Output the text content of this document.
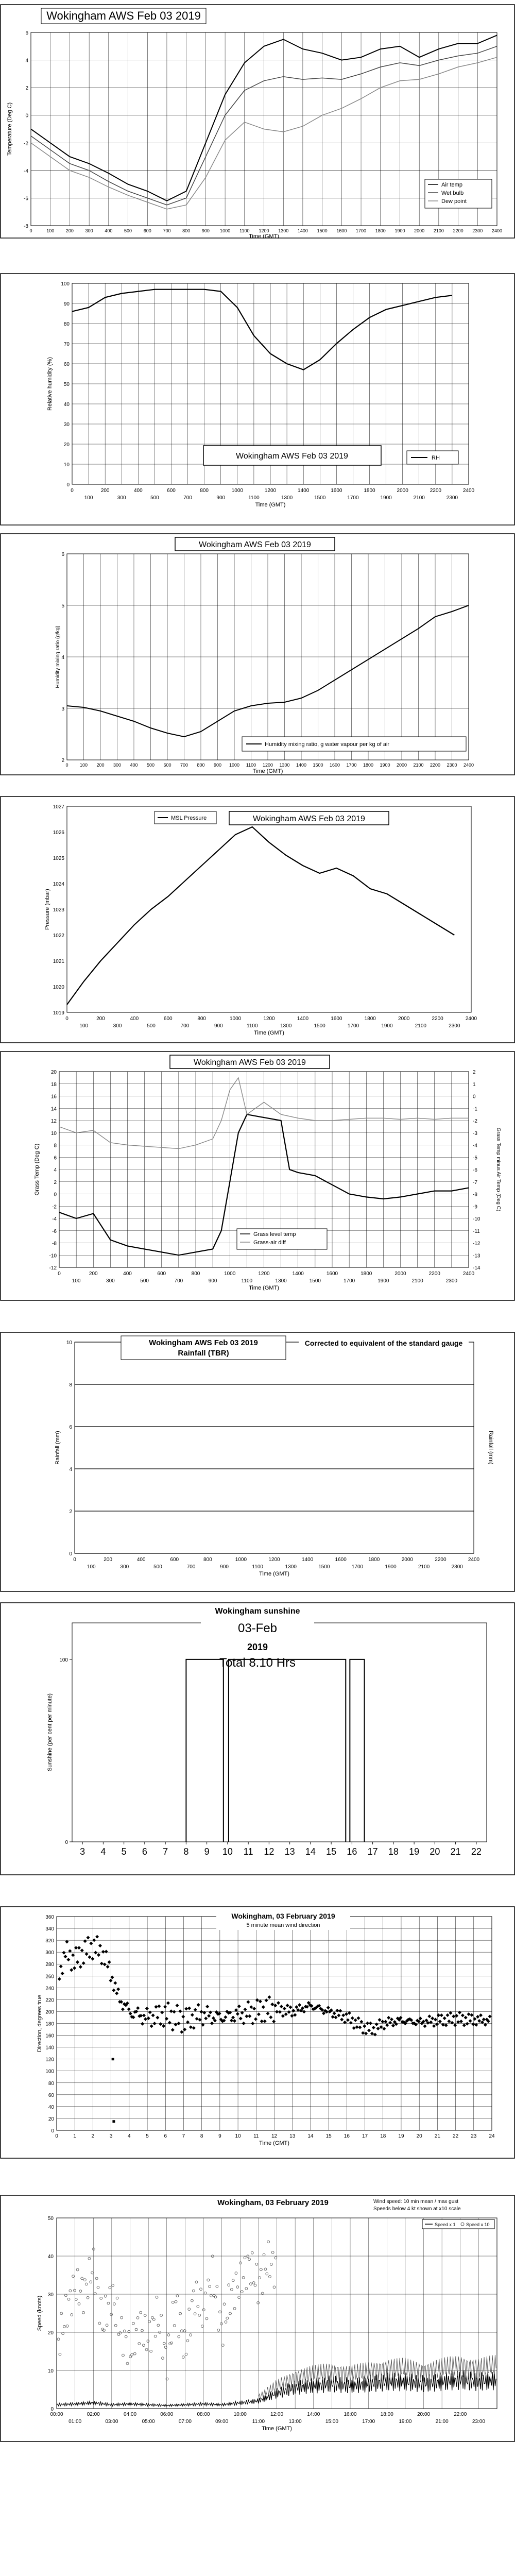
Wokingham AWS Feb 03 2019
-8
-6
-4
-2
0
2
4
6
0	100	200	300	400	500	600	700	800	900 1000 1100 1200 1300 1400 1500 1600 1700 1800 1900 2000 2100 2200 2300 2400
Time (GMT)
Temperature (Deg C)
Air temp
Wet bulb
Dew point
0
10
20
30
40
50
60
70
80
90
100
0	200	400	600	800	1000	1200	1400	1600	1800	2000	2200	2400
100	300	500	700	900	1100	1300	1500	1700	1900	2100	2300
Time (GMT)
Relative humidity (%)
Wokingham AWS Feb 03 2019	RH
2
3
4
5
6
0 100 200 300 400 500 600 700 800 900 1000 1100 1200 1300 1400 1500 1600 1700 1800 1900 2000 2100 2200 2300 2400
Time (GMT)
Humidity mixing ratio (g/kg)
Wokingham AWS Feb 03 2019
Humidity mixing ratio, g water vapour per kg of air
1019
1020
1021
1022
1023
1024
1025
1026
1027
0	200	400	600	800	1000	1200	1400	1600	1800	2000	2200	2400
100	300	500	700	900	1100	1300	1500	1700	1900	2100	2300
Time (GMT)
Pressure (mbar)
MSL Pressure	Wokingham AWS Feb 03 2019
-12
-10
-8
-6
-4
-2
0
2
4
6
8
10
12
14
16
18
20
-14
-13
-12
-11
-10
-9
-8
-7
-6
-5
-4
-3
-2
-1
0
1
2
0	200	400	600	800	1000	1200	1400	1600	1800	2000	2200	2400
100	300	500	700	900	1100	1300	1500	1700	1900	2100	2300
Time (GMT)
Grass Temp (Deg C)	Grass Temp minus Air Temp (Deg C)
Wokingham AWS Feb 03 2019
Grass level temp
Grass-air diff
0
2
4
6
8
10
0	200	400	600	800	1000	1200	1400	1600	1800	2000	2200	2400
100	300	500	700	900	1100	1300	1500	1700	1900	2100	2300
Time (GMT)
Rainfall (mm)	Rainfall (mm)
Wokingham AWS Feb 03 2019
Rainfall (TBR)
Corrected to equivalent of the standard gauge
0
100
3 4 5 6 7 8 9 10 11 12 13 14 15 16 17 18 19 20 21 22
Sunshine (per cent per minute)
Wokingham sunshine
03-Feb
2019
Total 8.10 Hrs
0
20
40
60
80
100
120
140
160
180
200
220
240
260
280
300
320
340
360
0	1	2	3	4	5	6	7	8	9	10 11 12 13 14 15 16 17 18 19 20 21 22 23 24
Time (GMT)
Direction, degrees true
Wokingham, 03 February 2019
5 minute mean wind direction
0
10
20
30
40
50
00:00	02:00	04:00	06:00	08:00	10:00	12:00	14:00	16:00	18:00	20:00	22:00
01:00	03:00	05:00	07:00	09:00	11:00	13:00	15:00	17:00	19:00	21:00	23:00
Time (GMT)
Speed (knots)
Wokingham, 03 February 2019	Wind speed: 10 min mean / max gust
Speeds below 4 kt shown at x10 scale
Speed x 1 Speed x 10
